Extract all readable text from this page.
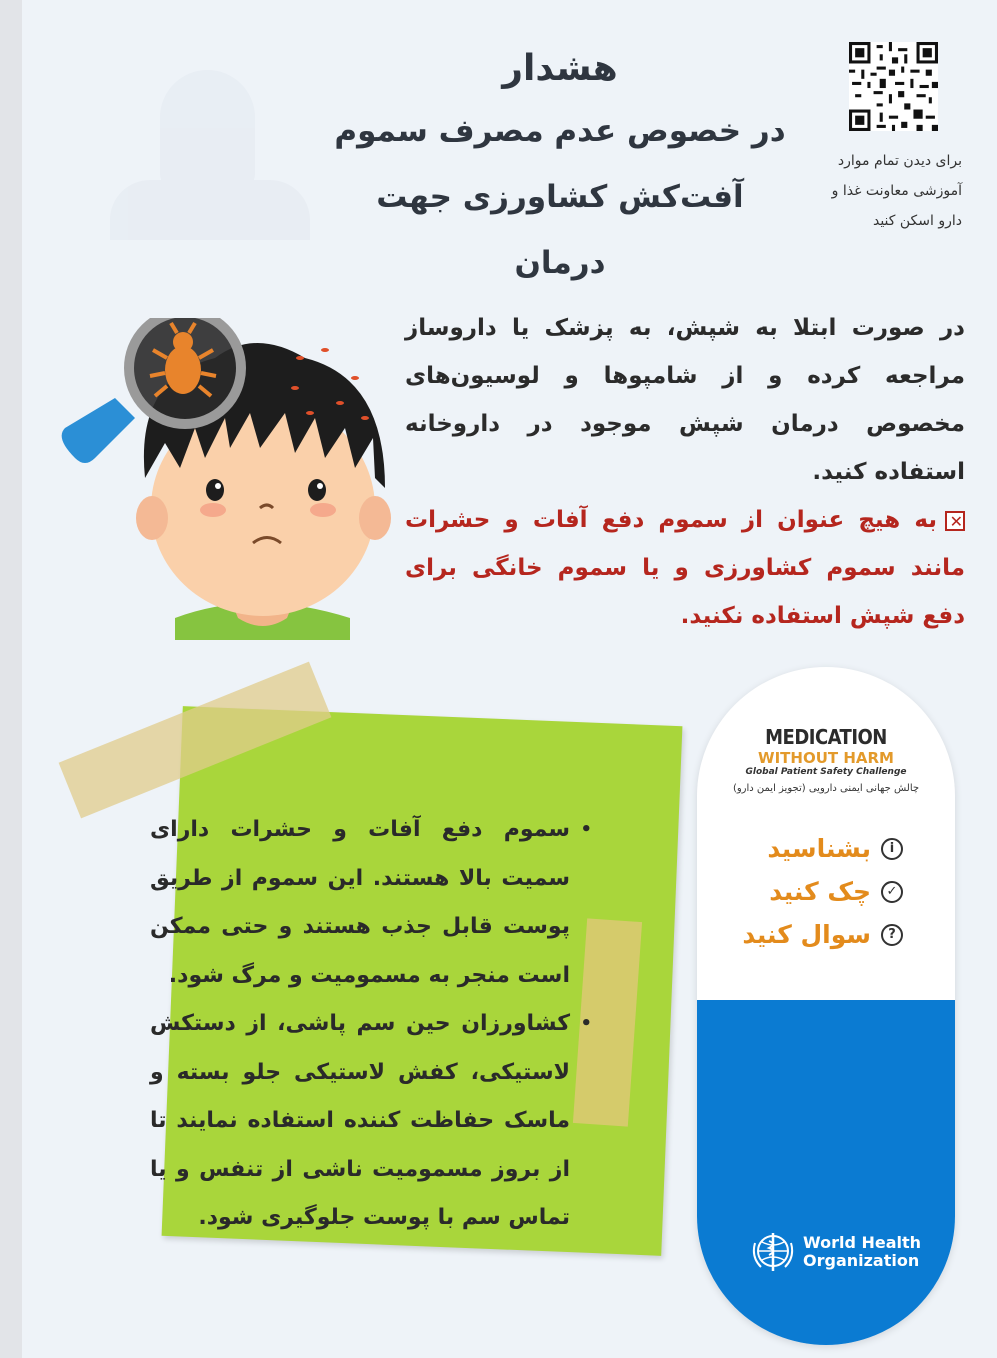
هشدار

در خصوص عدم مصرف سموم

آفت‌کش کشاورزی جهت درمان

برای دیدن تمام موارد
آموزشی معاونت غذا و
دارو اسکن کنید

در صورت ابتلا به شپش، به پزشک یا داروساز مراجعه کرده و از شامپوها و لوسیون‌های مخصوص درمان شپش موجود در داروخانه استفاده کنید.

✕به هیچ عنوان از سموم دفع آفات و حشرات مانند سموم کشاورزی و یا سموم خانگی برای دفع شپش استفاده نکنید.

• سموم دفع آفات و حشرات دارای سمیت بالا هستند. این سموم از طریق پوست قابل جذب هستند و حتی ممکن است منجر به مسمومیت و مرگ شود.
• کشاورزان حین سم پاشی، از دستکش لاستیکی، کفش لاستیکی جلو بسته و ماسک حفاظت کننده استفاده نمایند تا از بروز مسمومیت ناشی از تنفس و یا تماس سم با پوست جلوگیری شود.
MEDICATION
WITHOUT HARM
Global Patient Safety Challenge
چالش جهانی ایمنی دارویی (تجویز ایمن دارو)
i
بشناسید
✓
چک کنید
?
سوال کنید
World Health
Organization
